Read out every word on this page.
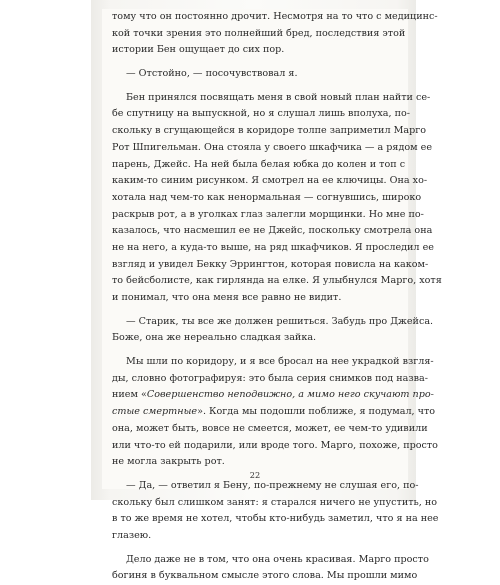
тому что он постоянно дрочит. Несмотря на то что с медицинс-
кой точки зрения это полнейший бред, последствия этой
истории Бен ощущает до сих пор.
— Отстойно, — посочувствовал я.
Бен принялся посвящать меня в свой новый план найти се-
бе спутницу на выпускной, но я слушал лишь вполуха, по-
скольку в сгущающейся в коридоре толпе заприметил Марго
Рот Шпигельман. Она стояла у своего шкафчика — а рядом ее
парень, Джейс. На ней была белая юбка до колен и топ с
каким-то синим рисунком. Я смотрел на ее ключицы. Она хо-
хотала над чем-то как ненормальная — согнувшись, широко
раскрыв рот, а в уголках глаз залегли морщинки. Но мне по-
казалось, что насмешил ее не Джейс, поскольку смотрела она
не на него, а куда-то выше, на ряд шкафчиков. Я проследил ее
взгляд и увидел Бекку Эррингтон, которая повисла на каком-
то бейсболисте, как гирлянда на елке. Я улыбнулся Марго, хотя
и понимал, что она меня все равно не видит.
— Старик, ты все же должен решиться. Забудь про Джейса.
Боже, она же нереально сладкая зайка.
Мы шли по коридору, и я все бросал на нее украдкой взгля-
ды, словно фотографируя: это была серия снимков под назва-
нием «Совершенство неподвижно, а мимо него скучают про-
стые смертные». Когда мы подошли поближе, я подумал, что
она, может быть, вовсе не смеется, может, ее чем-то удивили
или что-то ей подарили, или вроде того. Марго, похоже, просто
не могла закрыть рот.
— Да, — ответил я Бену, по-прежнему не слушая его, по-
скольку был слишком занят: я старался ничего не упустить, но
в то же время не хотел, чтобы кто-нибудь заметил, что я на нее
глазею.
Дело даже не в том, что она очень красивая. Марго просто
богиня в буквальном смысле этого слова. Мы прошли мимо
22
